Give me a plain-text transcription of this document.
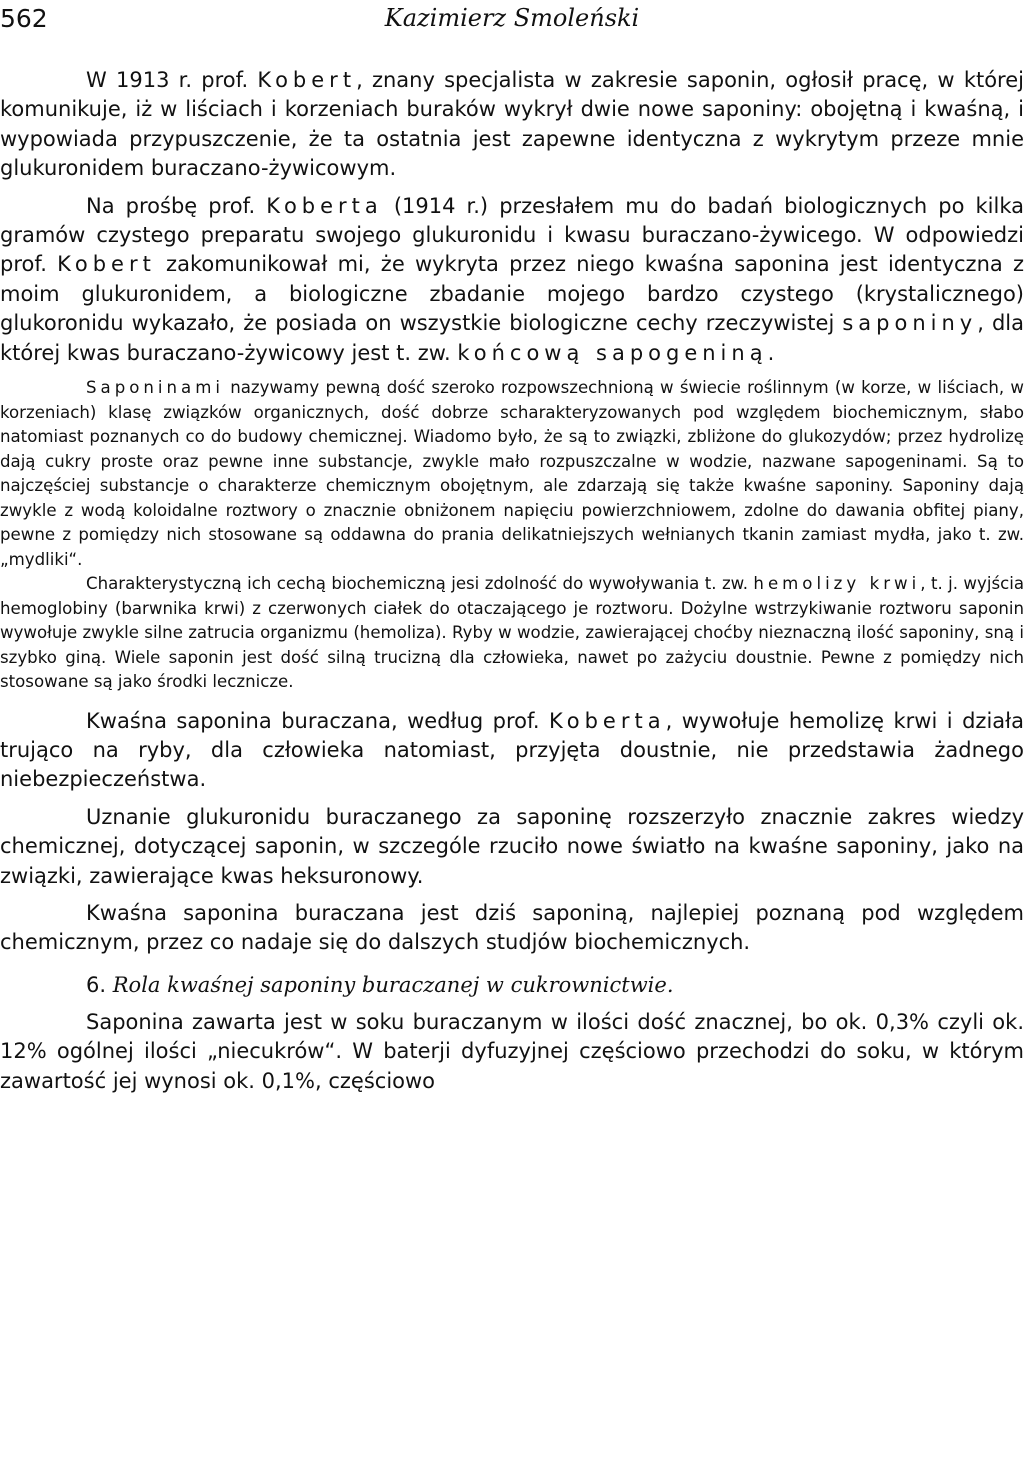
562	Kazimierz Smoleński

W 1913 r. prof. Kobert, znany specjalista w zakresie saponin, ogłosił pracę, w której komunikuje, iż w liściach i korzeniach buraków wykrył dwie nowe saponiny: obojętną i kwaśną, i wypowiada przypuszczenie, że ta ostatnia jest zapewne identyczna z wykrytym przeze mnie glukuronidem buraczano-żywicowym.

Na prośbę prof. Koberta (1914 r.) przesłałem mu do badań biologicznych po kilka gramów czystego preparatu swojego glukuronidu i kwasu buraczano-żywicego. W odpowiedzi prof. Kobert zakomunikował mi, że wykryta przez niego kwaśna saponina jest identyczna z moim glukuronidem, a biologiczne zbadanie mojego bardzo czystego (krystalicznego) glukoronidu wykazało, że posiada on wszystkie biologiczne cechy rzeczywistej saponiny, dla której kwas buraczano-żywicowy jest t. zw. końcową sapogeniną.

Saponinami nazywamy pewną dość szeroko rozpowszechnioną w świecie roślinnym (w korze, w liściach, w korzeniach) klasę związków organicznych, dość dobrze scharakteryzowanych pod względem biochemicznym, słabo natomiast poznanych co do budowy chemicznej. Wiadomo było, że są to związki, zbliżone do glukozydów; przez hydrolizę dają cukry proste oraz pewne inne substancje, zwykle mało rozpuszczalne w wodzie, nazwane sapogeninami. Są to najczęściej substancje o charakterze chemicznym obojętnym, ale zdarzają się także kwaśne saponiny. Saponiny dają zwykle z wodą koloidalne roztwory o znacznie obniżonem napięciu powierzchniowem, zdolne do dawania obfitej piany, pewne z pomiędzy nich stosowane są oddawna do prania delikatniejszych wełnianych tkanin zamiast mydła, jako t. zw. „mydliki“.

Charakterystyczną ich cechą biochemiczną jesi zdolność do wywoływania t. zw. hemolizy krwi, t. j. wyjścia hemoglobiny (barwnika krwi) z czerwonych ciałek do otaczającego je roztworu. Dożylne wstrzykiwanie roztworu saponin wywołuje zwykle silne zatrucia organizmu (hemoliza). Ryby w wodzie, zawierającej choćby nieznaczną ilość saponiny, sną i szybko giną. Wiele saponin jest dość silną trucizną dla człowieka, nawet po zażyciu doustnie. Pewne z pomiędzy nich stosowane są jako środki lecznicze.

Kwaśna saponina buraczana, według prof. Koberta, wywołuje hemolizę krwi i działa trująco na ryby, dla człowieka natomiast, przyjęta doustnie, nie przedstawia żadnego niebezpieczeństwa.

Uznanie glukuronidu buraczanego za saponinę rozszerzyło znacznie zakres wiedzy chemicznej, dotyczącej saponin, w szczególe rzuciło nowe światło na kwaśne saponiny, jako na związki, zawierające kwas heksuronowy.

Kwaśna saponina buraczana jest dziś saponiną, najlepiej poznaną pod względem chemicznym, przez co nadaje się do dalszych studjów biochemicznych.

6. Rola kwaśnej saponiny buraczanej w cukrownictwie.

Saponina zawarta jest w soku buraczanym w ilości dość znacznej, bo ok. 0,3% czyli ok. 12% ogólnej ilości „niecukrów“. W baterji dyfuzyjnej częściowo przechodzi do soku, w którym zawartość jej wynosi ok. 0,1%, częściowo
